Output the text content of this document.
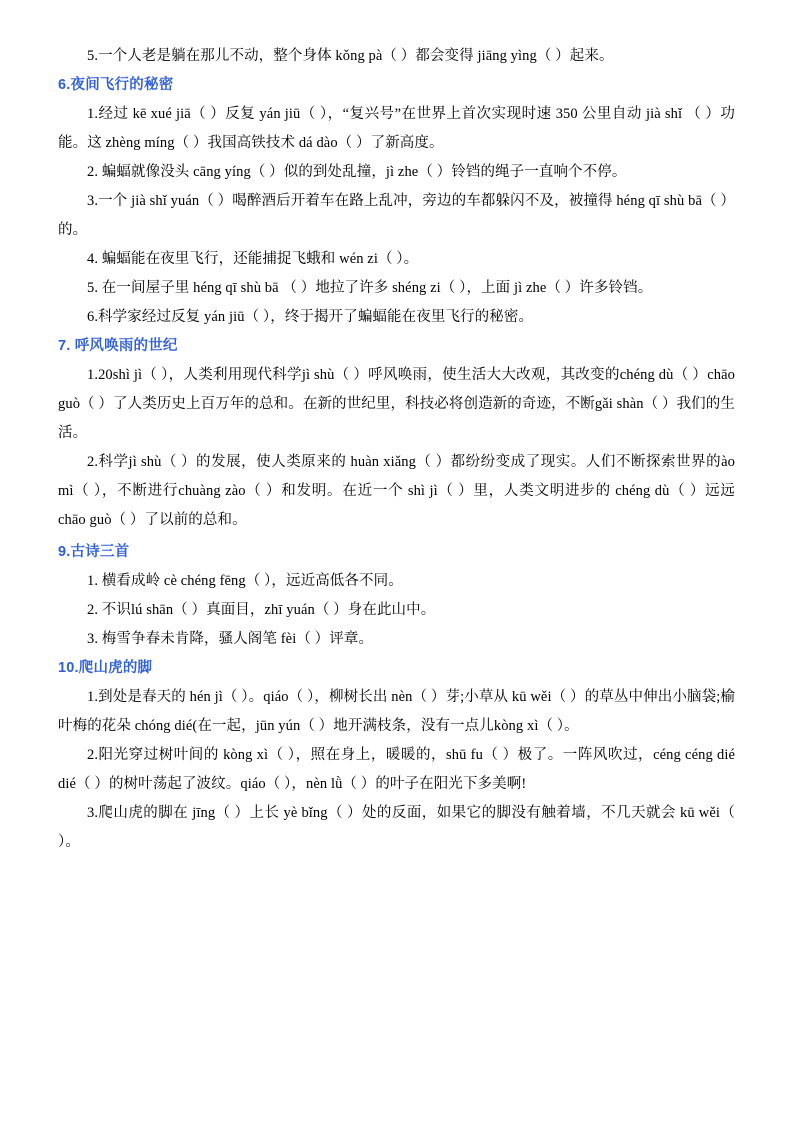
5.一个人老是躺在那儿不动，整个身体 kǒng pà（ ）都会变得 jiāng yìng（ ）起来。

6.夜间飞行的秘密

1.经过 kē xué jiā（ ）反复 yán jiū（ ），“复兴号”在世界上首次实现时速 350 公里自动 jià shǐ （ ）功能。这 zhèng míng（ ）我国高铁技术 dá dào（ ）了新高度。

2. 蝙蝠就像没头 cāng yíng（ ）似的到处乱撞，jì zhe（ ）铃铛的绳子一直响个不停。

3.一个 jià shǐ yuán（ ）喝醉酒后开着车在路上乱冲，旁边的车都躲闪不及，被撞得 héng qī shù bā（ ）的。

4. 蝙蝠能在夜里飞行，还能捕捉飞蛾和 wén zi（ ）。

5. 在一间屋子里 héng qī shù bā （ ）地拉了许多 shéng zi（ ），上面 jì zhe（ ）许多铃铛。

6.科学家经过反复 yán jiū（ ），终于揭开了蝙蝠能在夜里飞行的秘密。

7. 呼风唤雨的世纪

1.20shì jì（ ），人类利用现代科学jì shù（ ）呼风唤雨，使生活大大改观，其改变的chéng dù（ ）chāo guò（ ）了人类历史上百万年的总和。在新的世纪里，科技必将创造新的奇迹，不断gǎi shàn（ ）我们的生活。

2.科学jì shù（ ）的发展，使人类原来的 huàn xiǎng（ ）都纷纷变成了现实。人们不断探索世界的ào mì（ ），不断进行chuàng zào（ ）和发明。在近一个 shì jì（ ）里，人类文明进步的 chéng dù（ ）远远 chāo guò（ ）了以前的总和。

9.古诗三首

1. 横看成岭 cè chéng fēng（ ），远近高低各不同。

2. 不识lú shān（ ）真面目，zhī yuán（ ）身在此山中。

3. 梅雪争春未肯降，骚人阁笔 fèi（ ）评章。

10.爬山虎的脚

1.到处是春天的 hén jì（ ）。qiáo（ ），柳树长出 nèn（ ）芽;小草从 kū wěi（ ）的草丛中伸出小脑袋;榆叶梅的花朵 chóng dié(在一起，jūn yún（ ）地开满枝条，没有一点儿kòng xì（ ）。

2.阳光穿过树叶间的 kòng xì（ ），照在身上，暖暖的，shū fu（ ）极了。一阵风吹过，céng céng dié dié（ ）的树叶荡起了波纹。qiáo（ ），nèn lǜ（ ）的叶子在阳光下多美啊!

3.爬山虎的脚在 jīng（ ）上长 yè bǐng（ ）处的反面，如果它的脚没有触着墙，不几天就会 kū wěi（ ）。
